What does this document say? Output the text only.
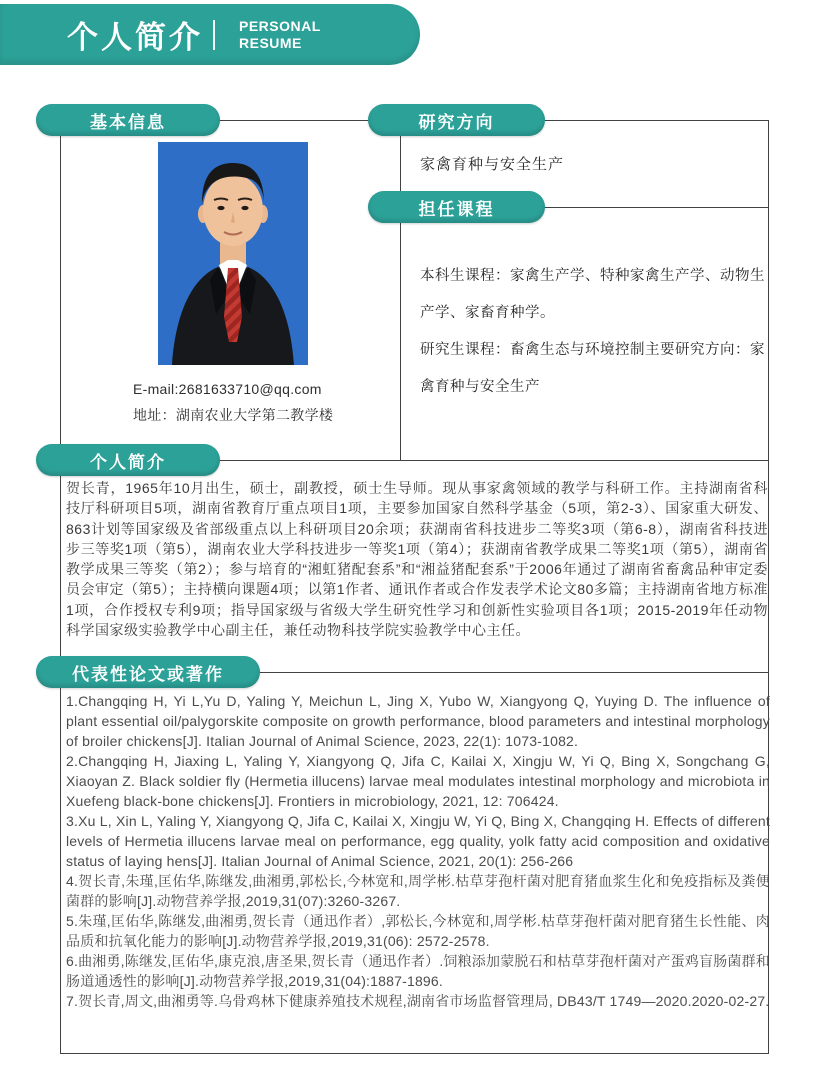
个人简介	PERSONAL
RESUME
基本信息	研究方向
担任课程
个人简介
代表性论文或著作
E-mail:2681633710@qq.com
地址：湖南农业大学第二教学楼
家禽育种与安全生产

本科生课程：家禽生产学、特种家禽生产学、动物生产学、家畜育种学。

研究生课程：畜禽生态与环境控制主要研究方向：家禽育种与安全生产

贺长青，1965年10月出生，硕士，副教授，硕士生导师。现从事家禽领域的教学与科研工作。主持湖南省科技厅科研项目5项，湖南省教育厅重点项目1项，主要参加国家自然科学基金（5项，第2-3）、国家重大研发、863计划等国家级及省部级重点以上科研项目20余项；获湖南省科技进步二等奖3项（第6-8），湖南省科技进步三等奖1项（第5），湖南农业大学科技进步一等奖1项（第4）；获湖南省教学成果二等奖1项（第5），湖南省教学成果三等奖（第2）；参与培育的“湘虹猪配套系”和“湘益猪配套系”于2006年通过了湖南省畜禽品种审定委员会审定（第5）；主持横向课题4项；以第1作者、通讯作者或合作发表学术论文80多篇；主持湖南省地方标准1项，合作授权专利9项；指导国家级与省级大学生研究性学习和创新性实验项目各1项；2015-2019年任动物科学国家级实验教学中心副主任，兼任动物科技学院实验教学中心主任。
1.Changqing H, Yi L,Yu D, Yaling Y, Meichun L, Jing X, Yubo W, Xiangyong Q, Yuying D. The influence of plant essential oil/palygorskite composite on growth performance, blood parameters and intestinal morphology of broiler chickens[J]. Italian Journal of Animal Science, 2023, 22(1): 1073-1082.
2.Changqing H, Jiaxing L, Yaling Y, Xiangyong Q, Jifa C, Kailai X, Xingju W, Yi Q, Bing X, Songchang G, Xiaoyan Z. Black soldier fly (Hermetia illucens) larvae meal modulates intestinal morphology and microbiota in Xuefeng black-bone chickens[J]. Frontiers in microbiology, 2021, 12: 706424.
3.Xu L, Xin L, Yaling Y, Xiangyong Q, Jifa C, Kailai X, Xingju W, Yi Q, Bing X, Changqing H. Effects of different levels of Hermetia illucens larvae meal on performance, egg quality, yolk fatty acid composition and oxidative status of laying hens[J]. Italian Journal of Animal Science, 2021, 20(1): 256-266
4.贺长青,朱瑾,匡佑华,陈继发,曲湘勇,郭松长,今林宽和,周学彬.枯草芽孢杆菌对肥育猪血浆生化和免疫指标及粪便菌群的影响[J].动物营养学报,2019,31(07):3260-3267.
5.朱瑾,匡佑华,陈继发,曲湘勇,贺长青（通迅作者）,郭松长,今林宽和,周学彬.枯草芽孢杆菌对肥育猪生长性能、肉品质和抗氧化能力的影响[J].动物营养学报,2019,31(06): 2572-2578.
6.曲湘勇,陈继发,匡佑华,康克浪,唐圣果,贺长青（通迅作者）.饲粮添加蒙脱石和枯草芽孢杆菌对产蛋鸡盲肠菌群和肠道通透性的影响[J].动物营养学报,2019,31(04):1887-1896.
7.贺长青,周文,曲湘勇等.乌骨鸡林下健康养殖技术规程,湖南省市场监督管理局, DB43/T 1749—2020.2020-02-27.
